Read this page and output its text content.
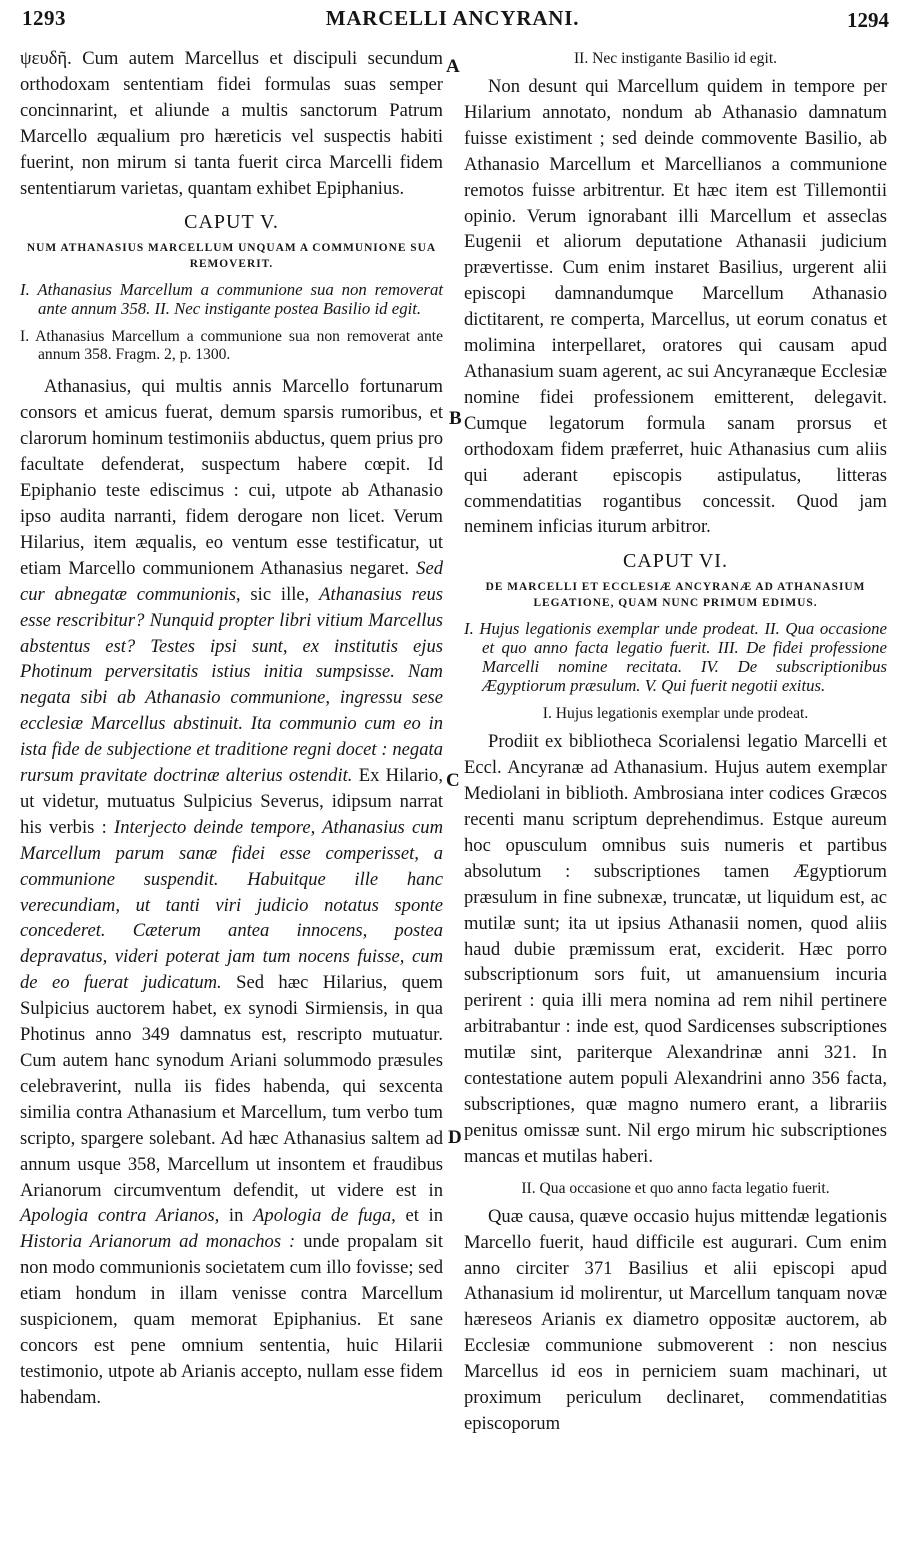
1293	MARCELLI ANCYRANI.	1294
A
B
C
D

ψευδῆ. Cum autem Marcellus et discipuli secundum orthodoxam sententiam fidei formulas suas semper concinnarint, et aliunde a multis sanctorum Patrum Marcello æqualium pro hæreticis vel suspectis habiti fuerint, non mirum si tanta fuerit circa Marcelli fidem sententiarum varietas, quantam exhibet Epiphanius.

CAPUT V.
NUM ATHANASIUS MARCELLUM UNQUAM A COMMUNIONE SUA REMOVERIT.

I. Athanasius Marcellum a communione sua non removerat ante annum 358. II. Nec instigante postea Basilio id egit.

I. Athanasius Marcellum a communione sua non removerat ante annum 358. Fragm. 2, p. 1300.

Athanasius, qui multis annis Marcello fortunarum consors et amicus fuerat, demum sparsis rumoribus, et clarorum hominum testimoniis abductus, quem prius pro facultate defenderat, suspectum habere cœpit. Id Epiphanio teste ediscimus : cui, utpote ab Athanasio ipso audita narranti, fidem derogare non licet. Verum Hilarius, item æqualis, eo ventum esse testificatur, ut etiam Marcello communionem Athanasius negaret. Sed cur abnegatæ communionis, sic ille, Athanasius reus esse rescribitur? Nunquid propter libri vitium Marcellus abstentus est? Testes ipsi sunt, ex institutis ejus Photinum perversitatis istius initia sumpsisse. Nam negata sibi ab Athanasio communione, ingressu sese ecclesiæ Marcellus abstinuit. Ita communio cum eo in ista fide de subjectione et traditione regni docet : negata rursum pravitate doctrinæ alterius ostendit. Ex Hilario, ut videtur, mutuatus Sulpicius Severus, idipsum narrat his verbis : Interjecto deinde tempore, Athanasius cum Marcellum parum sanæ fidei esse comperisset, a communione suspendit. Habuitque ille hanc verecundiam, ut tanti viri judicio notatus sponte concederet. Cæterum antea innocens, postea depravatus, videri poterat jam tum nocens fuisse, cum de eo fuerat judicatum. Sed hæc Hilarius, quem Sulpicius auctorem habet, ex synodi Sirmiensis, in qua Photinus anno 349 damnatus est, rescripto mutuatur. Cum autem hanc synodum Ariani solummodo præsules celebraverint, nulla iis fides habenda, qui sexcenta similia contra Athanasium et Marcellum, tum verbo tum scripto, spargere solebant. Ad hæc Athanasius saltem ad annum usque 358, Marcellum ut insontem et fraudibus Arianorum circumventum defendit, ut videre est in Apologia contra Arianos, in Apologia de fuga, et in Historia Arianorum ad monachos : unde propalam sit non modo communionis societatem cum illo fovisse; sed etiam hondum in illam venisse contra Marcellum suspicionem, quam memorat Epiphanius. Et sane concors est pene omnium sententia, huic Hilarii testimonio, utpote ab Arianis accepto, nullam esse fidem habendam.

II. Nec instigante Basilio id egit.

Non desunt qui Marcellum quidem in tempore per Hilarium annotato, nondum ab Athanasio damnatum fuisse existiment ; sed deinde commovente Basilio, ab Athanasio Marcellum et Marcellianos a communione remotos fuisse arbitrentur. Et hæc item est Tillemontii opinio. Verum ignorabant illi Marcellum et asseclas Eugenii et aliorum deputatione Athanasii judicium prævertisse. Cum enim instaret Basilius, urgerent alii episcopi damnandumque Marcellum Athanasio dictitarent, re comperta, Marcellus, ut eorum conatus et molimina interpellaret, oratores qui causam apud Athanasium suam agerent, ac sui Ancyranæque Ecclesiæ nomine fidei professionem emitterent, delegavit. Cumque legatorum formula sanam prorsus et orthodoxam fidem præferret, huic Athanasius cum aliis qui aderant episcopis astipulatus, litteras commendatitias rogantibus concessit. Quod jam neminem inficias iturum arbitror.

CAPUT VI.
DE MARCELLI ET ECCLESIÆ ANCYRANÆ AD ATHANASIUM LEGATIONE, QUAM NUNC PRIMUM EDIMUS.

I. Hujus legationis exemplar unde prodeat. II. Qua occasione et quo anno facta legatio fuerit. III. De fidei professione Marcelli nomine recitata. IV. De subscriptionibus Ægyptiorum præsulum. V. Qui fuerit negotii exitus.

I. Hujus legationis exemplar unde prodeat.

Prodiit ex bibliotheca Scorialensi legatio Marcelli et Eccl. Ancyranæ ad Athanasium. Hujus autem exemplar Mediolani in biblioth. Ambrosiana inter codices Græcos recenti manu scriptum deprehendimus. Estque aureum hoc opusculum omnibus suis numeris et partibus absolutum : subscriptiones tamen Ægyptiorum præsulum in fine subnexæ, truncatæ, ut liquidum est, ac mutilæ sunt; ita ut ipsius Athanasii nomen, quod aliis haud dubie præmissum erat, exciderit. Hæc porro subscriptionum sors fuit, ut amanuensium incuria perirent : quia illi mera nomina ad rem nihil pertinere arbitrabantur : inde est, quod Sardicenses subscriptiones mutilæ sint, pariterque Alexandrinæ anni 321. In contestatione autem populi Alexandrini anno 356 facta, subscriptiones, quæ magno numero erant, a librariis penitus omissæ sunt. Nil ergo mirum hic subscriptiones mancas et mutilas haberi.

II. Qua occasione et quo anno facta legatio fuerit.

Quæ causa, quæve occasio hujus mittendæ legationis Marcello fuerit, haud difficile est augurari. Cum enim anno circiter 371 Basilius et alii episcopi apud Athanasium id molirentur, ut Marcellum tanquam novæ hæreseos Arianis ex diametro oppositæ auctorem, ab Ecclesiæ communione submoverent : non nescius Marcellus id eos in perniciem suam machinari, ut proximum periculum declinaret, commendatitias episcoporum
